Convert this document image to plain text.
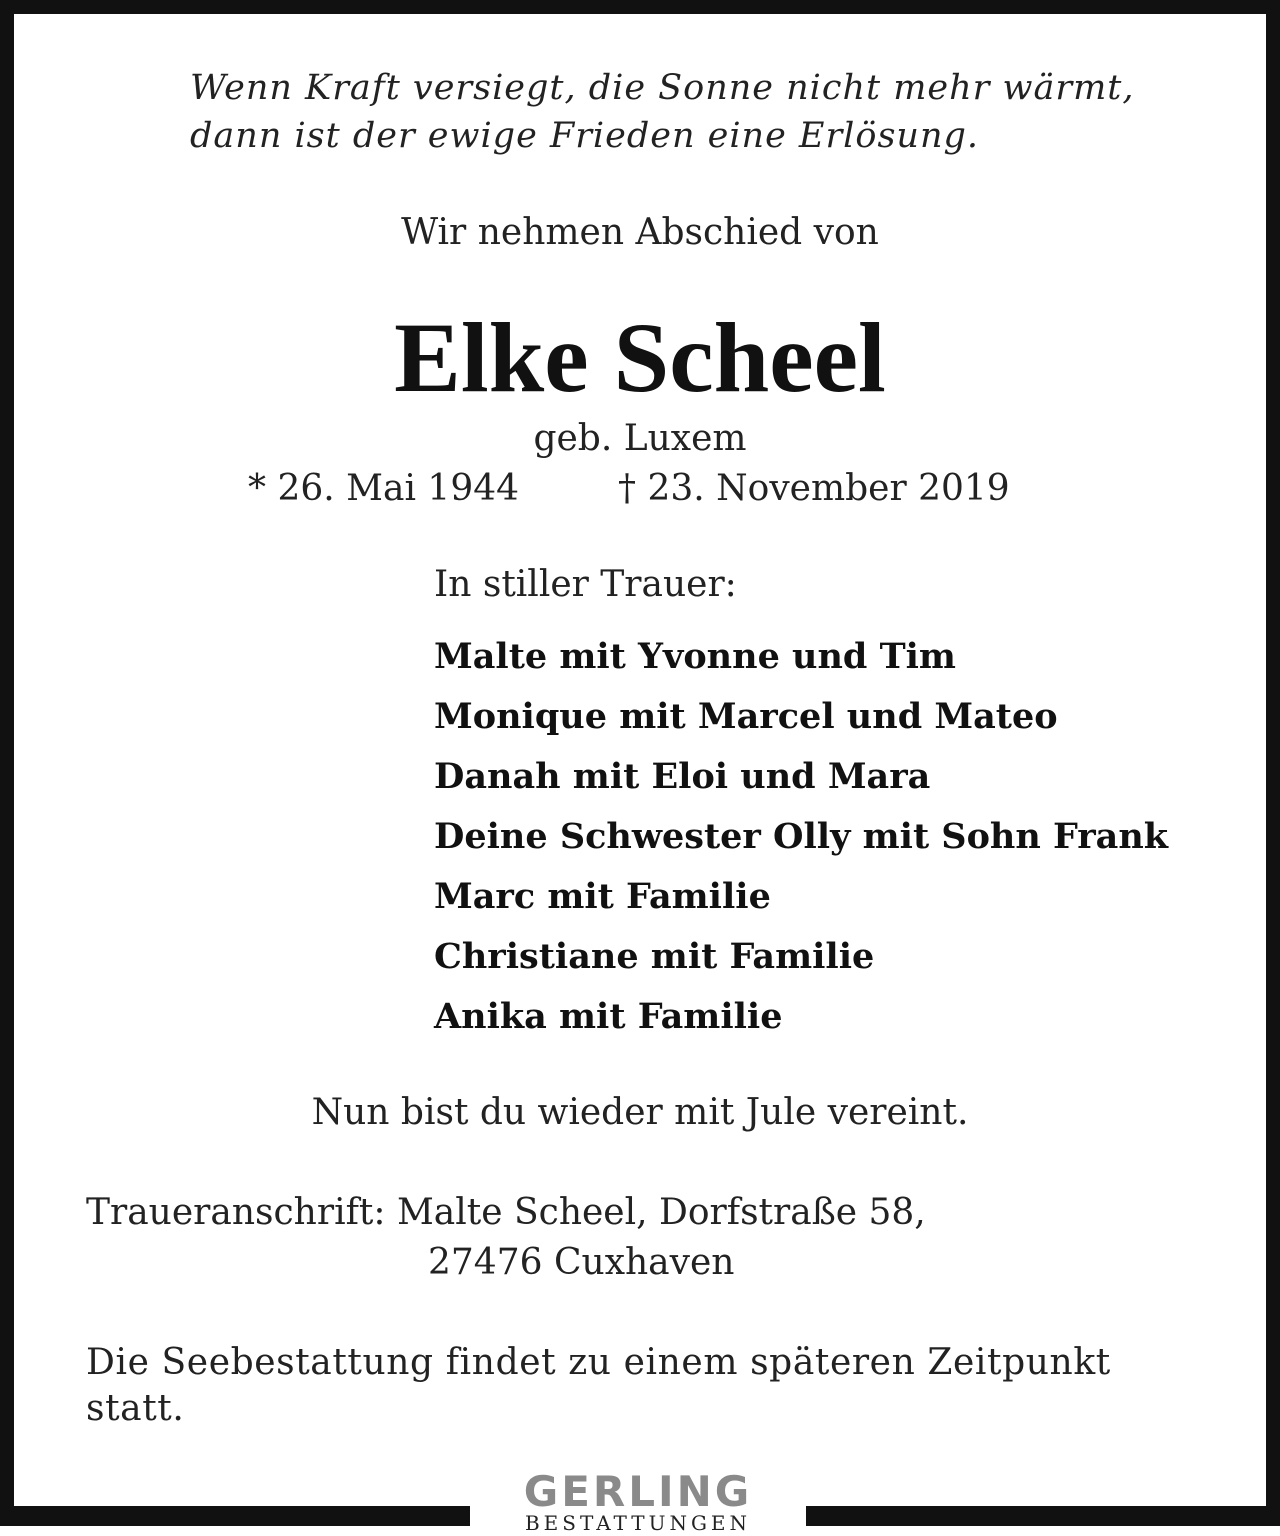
Wenn Kraft versiegt, die Sonne nicht mehr wärmt,
dann ist der ewige Frieden eine Erlösung.
Wir nehmen Abschied von
Elke Scheel
geb. Luxem
* 26. Mai 1944	† 23. November 2019
In stiller Trauer:
Malte mit Yvonne und Tim
Monique mit Marcel und Mateo
Danah mit Eloi und Mara
Deine Schwester Olly mit Sohn Frank
Marc mit Familie
Christiane mit Familie
Anika mit Familie
Nun bist du wieder mit Jule vereint.
Traueranschrift: Malte Scheel, Dorfstraße 58,
27476 Cuxhaven
Die Seebestattung findet zu einem späteren Zeitpunkt statt.
GERLING
BESTATTUNGEN
